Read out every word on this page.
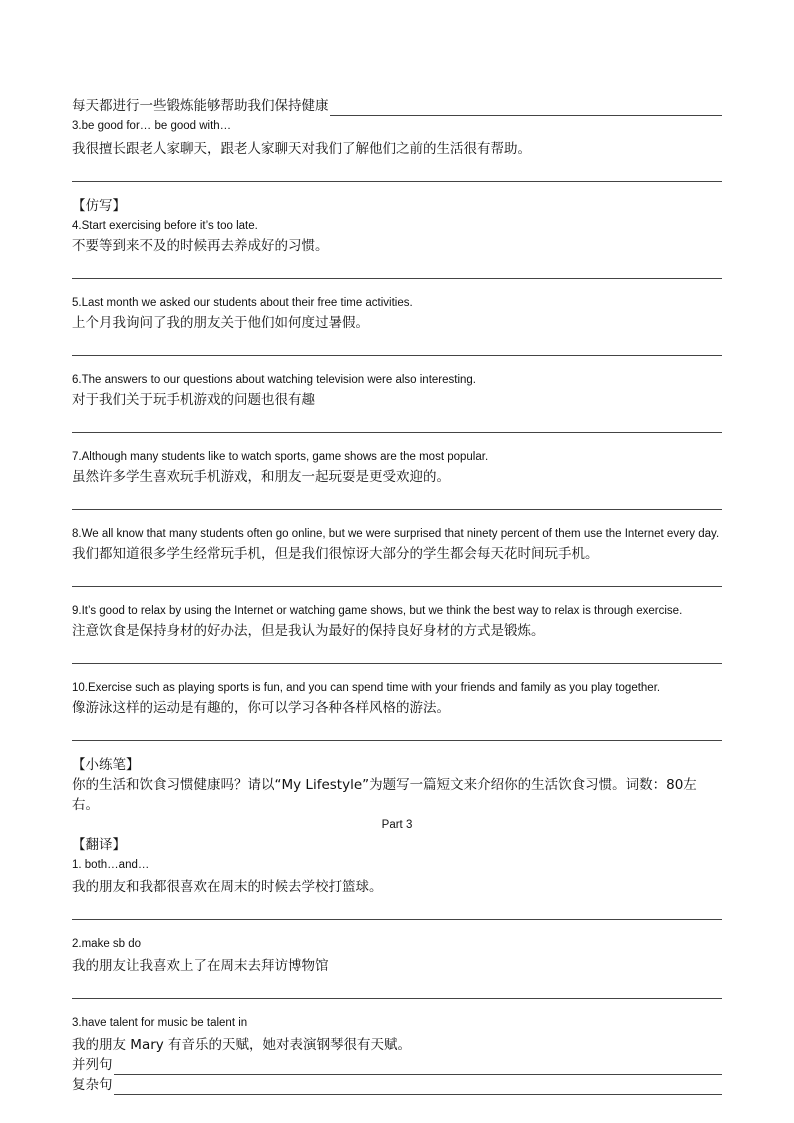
每天都进行一些锻炼能够帮助我们保持健康
3.be good for… be good with…
我很擅长跟老人家聊天，跟老人家聊天对我们了解他们之前的生活很有帮助。
【仿写】
4.Start exercising before it’s too late.
不要等到来不及的时候再去养成好的习惯。
5.Last month we asked our students about their free time activities.
上个月我询问了我的朋友关于他们如何度过暑假。
6.The answers to our questions about watching television were also interesting.
对于我们关于玩手机游戏的问题也很有趣
7.Although many students like to watch sports, game shows are the most popular.
虽然许多学生喜欢玩手机游戏，和朋友一起玩耍是更受欢迎的。
8.We all know that many students often go online, but we were surprised that ninety percent of them use the Internet every day.
我们都知道很多学生经常玩手机，但是我们很惊讶大部分的学生都会每天花时间玩手机。
9.It’s good to relax by using the Internet or watching game shows, but we think the best way to relax is through exercise.
注意饮食是保持身材的好办法，但是我认为最好的保持良好身材的方式是锻炼。
10.Exercise such as playing sports is fun, and you can spend time with your friends and family as you play together.
像游泳这样的运动是有趣的，你可以学习各种各样风格的游法。
【小练笔】
你的生活和饮食习惯健康吗？请以“My Lifestyle”为题写一篇短文来介绍你的生活饮食习惯。词数：80左右。
Part 3
【翻译】
1. both…and…
我的朋友和我都很喜欢在周末的时候去学校打篮球。
2.make sb do
我的朋友让我喜欢上了在周末去拜访博物馆
3.have talent for music be talent in
我的朋友 Mary 有音乐的天赋，她对表演钢琴很有天赋。
并列句
复杂句
